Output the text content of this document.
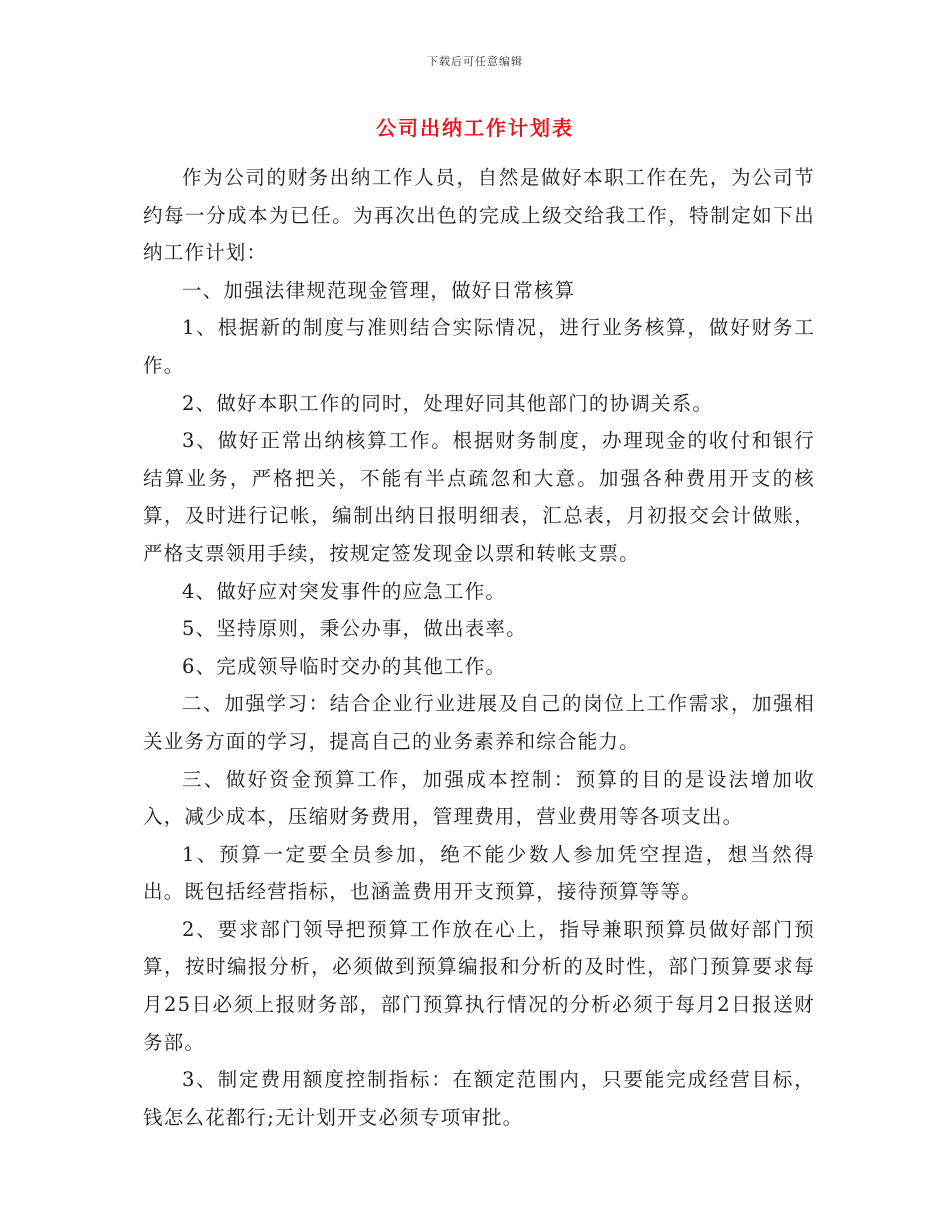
下载后可任意编辑
公司出纳工作计划表

作为公司的财务出纳工作人员，自然是做好本职工作在先，为公司节约每一分成本为已任。为再次出色的完成上级交给我工作，特制定如下出纳工作计划：

一、加强法律规范现金管理，做好日常核算

1、根据新的制度与准则结合实际情况，进行业务核算，做好财务工作。

2、做好本职工作的同时，处理好同其他部门的协调关系。

3、做好正常出纳核算工作。根据财务制度，办理现金的收付和银行结算业务，严格把关，不能有半点疏忽和大意。加强各种费用开支的核算，及时进行记帐，编制出纳日报明细表，汇总表，月初报交会计做账，严格支票领用手续，按规定签发现金以票和转帐支票。

4、做好应对突发事件的应急工作。

5、坚持原则，秉公办事，做出表率。

6、完成领导临时交办的其他工作。

二、加强学习：结合企业行业进展及自己的岗位上工作需求，加强相关业务方面的学习，提高自己的业务素养和综合能力。

三、做好资金预算工作，加强成本控制：预算的目的是设法增加收入，减少成本，压缩财务费用，管理费用，营业费用等各项支出。

1、预算一定要全员参加，绝不能少数人参加凭空捏造，想当然得出。既包括经营指标，也涵盖费用开支预算，接待预算等等。

2、要求部门领导把预算工作放在心上，指导兼职预算员做好部门预算，按时编报分析，必须做到预算编报和分析的及时性，部门预算要求每月25日必须上报财务部，部门预算执行情况的分析必须于每月2日报送财务部。

3、制定费用额度控制指标：在额定范围内，只要能完成经营目标，钱怎么花都行;无计划开支必须专项审批。
